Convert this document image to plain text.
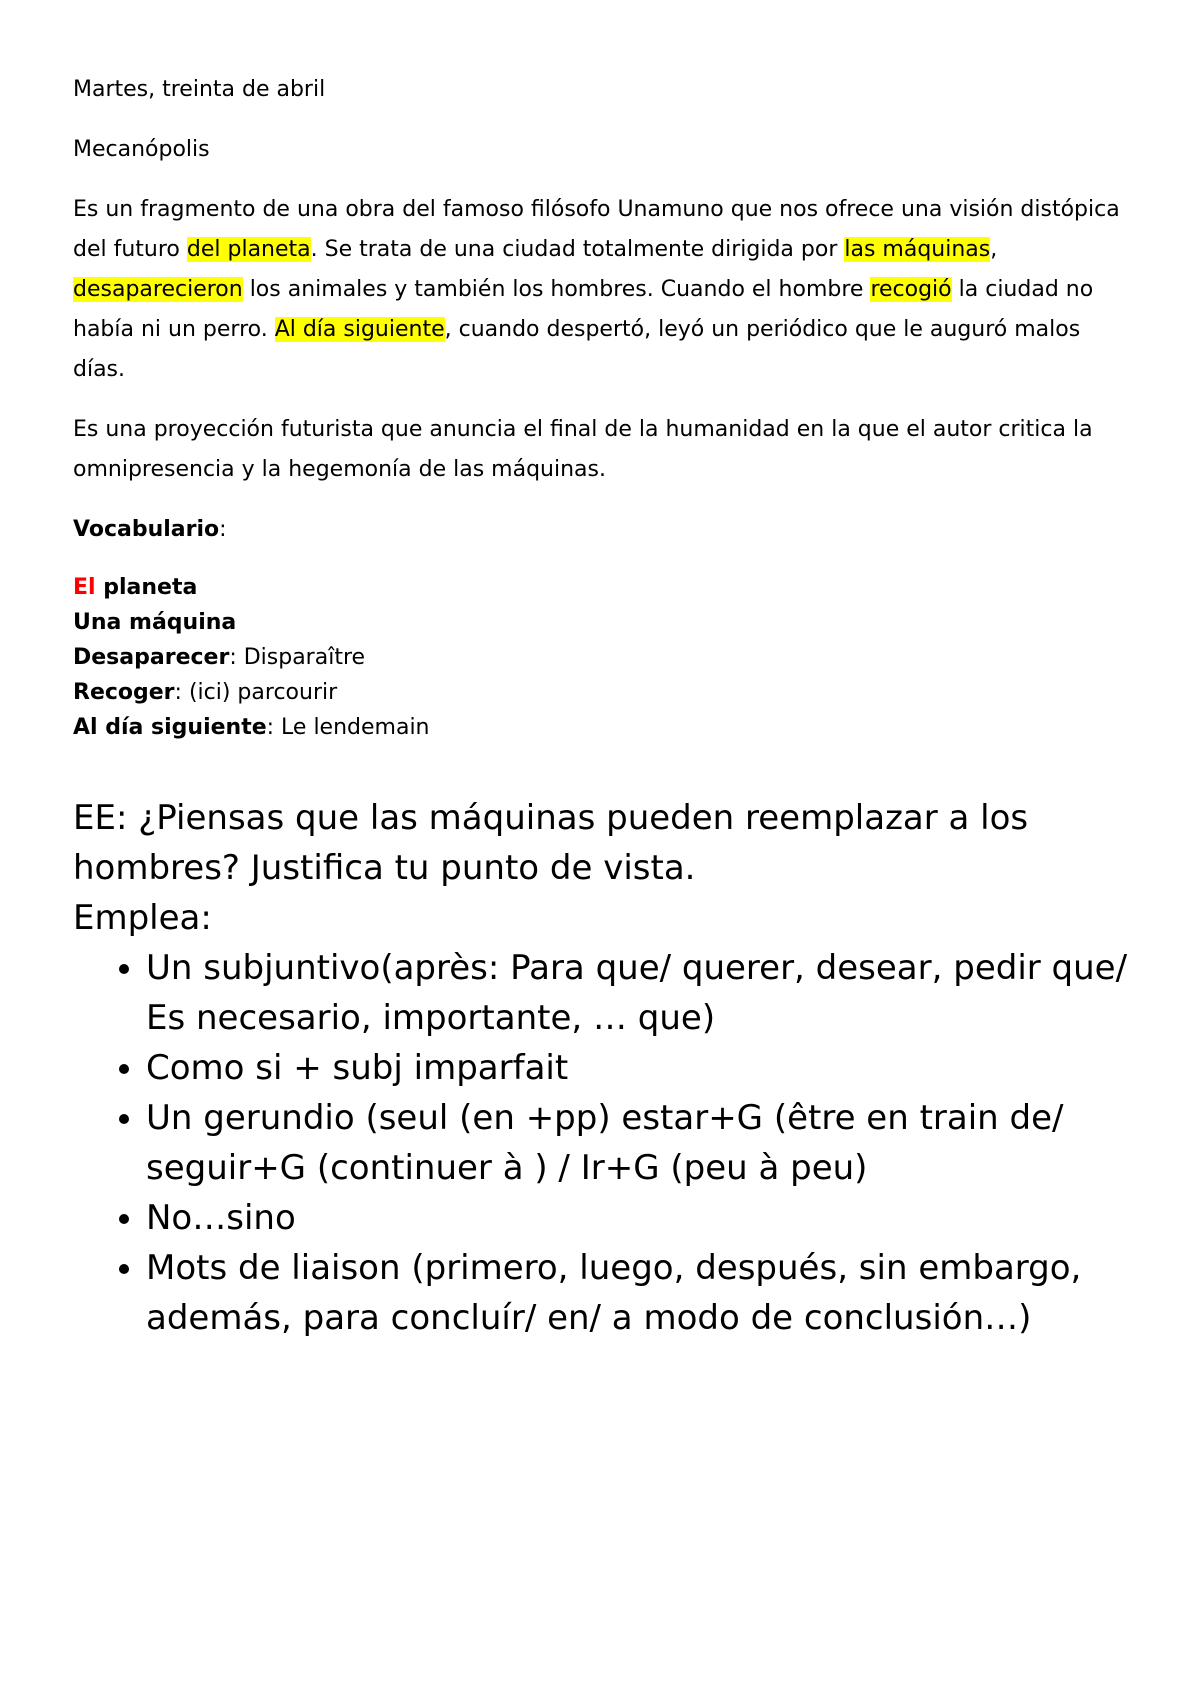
Martes, treinta de abril

Mecanópolis

Es un fragmento de una obra del famoso filósofo Unamuno que nos ofrece una visión distópica del futuro del planeta. Se trata de una ciudad totalmente dirigida por las máquinas, desaparecieron los animales y también los hombres. Cuando el hombre recogió la ciudad no había ni un perro. Al día siguiente, cuando despertó, leyó un periódico que le auguró malos días.

Es una proyección futurista que anuncia el final de la humanidad en la que el autor critica la omnipresencia y la hegemonía de las máquinas.

Vocabulario:

El planeta

Una máquina

Desaparecer: Disparaître

Recoger: (ici) parcourir

Al día siguiente: Le lendemain

EE: ¿Piensas que las máquinas pueden reemplazar a los hombres? Justifica tu punto de vista.

Emplea:

• Un subjuntivo(après: Para que/ querer, desear, pedir que/ Es necesario, importante, … que)
• Como si + subj imparfait
• Un gerundio (seul (en +pp) estar+G (être en train de/ seguir+G (continuer à ) / Ir+G (peu à peu)
• No…sino
• Mots de liaison (primero, luego, después, sin embargo, además, para concluír/ en/ a modo de conclusión…)
